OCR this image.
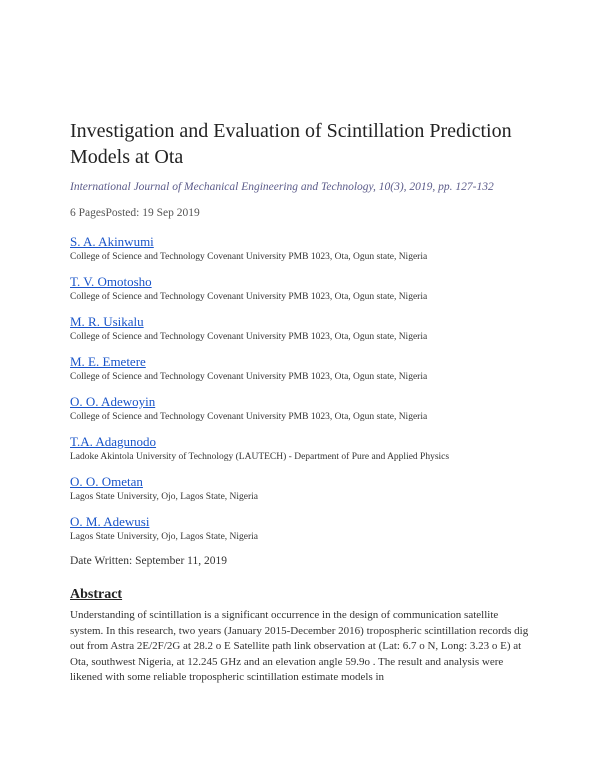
Investigation and Evaluation of Scintillation Prediction Models at Ota
International Journal of Mechanical Engineering and Technology, 10(3), 2019, pp. 127-132
6 PagesPosted: 19 Sep 2019
S. A. Akinwumi
College of Science and Technology Covenant University PMB 1023, Ota, Ogun state, Nigeria
T. V. Omotosho
College of Science and Technology Covenant University PMB 1023, Ota, Ogun state, Nigeria
M. R. Usikalu
College of Science and Technology Covenant University PMB 1023, Ota, Ogun state, Nigeria
M. E. Emetere
College of Science and Technology Covenant University PMB 1023, Ota, Ogun state, Nigeria
O. O. Adewoyin
College of Science and Technology Covenant University PMB 1023, Ota, Ogun state, Nigeria
T.A. Adagunodo
Ladoke Akintola University of Technology (LAUTECH) - Department of Pure and Applied Physics
O. O. Ometan
Lagos State University, Ojo, Lagos State, Nigeria
O. M. Adewusi
Lagos State University, Ojo, Lagos State, Nigeria
Date Written: September 11, 2019
Abstract
Understanding of scintillation is a significant occurrence in the design of communication satellite system. In this research, two years (January 2015-December 2016) tropospheric scintillation records dig out from Astra 2E/2F/2G at 28.2 o E Satellite path link observation at (Lat: 6.7 o N, Long: 3.23 o E) at Ota, southwest Nigeria, at 12.245 GHz and an elevation angle 59.9o . The result and analysis were likened with some reliable tropospheric scintillation estimate models in
